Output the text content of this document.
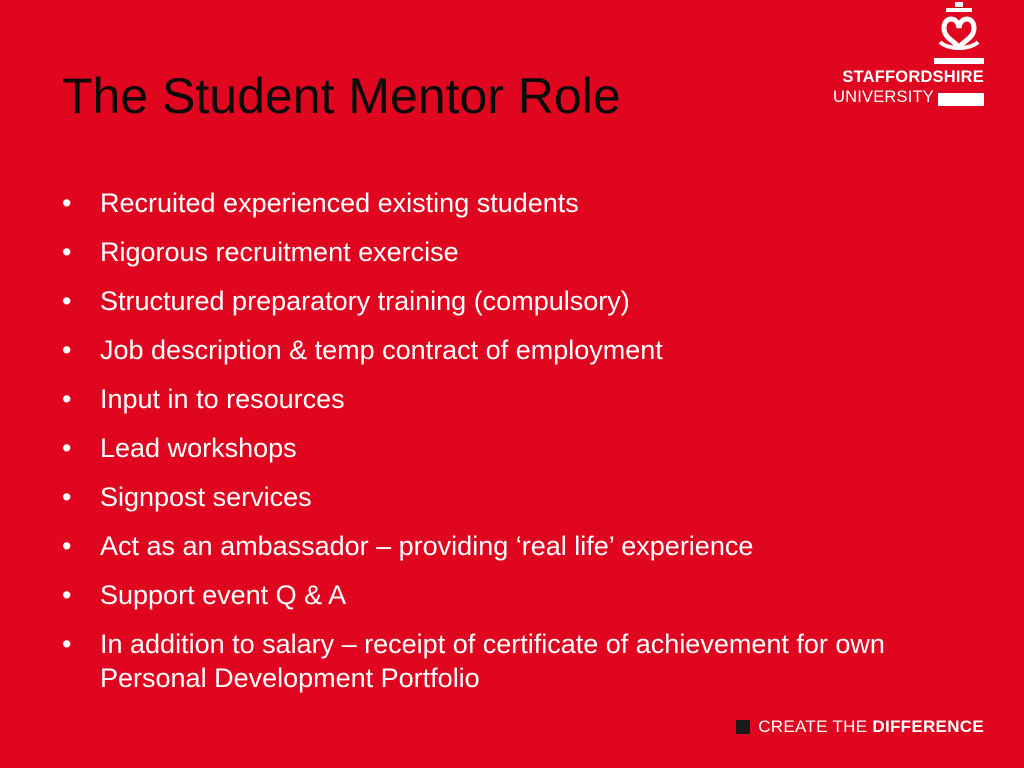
The Student Mentor Role	STAFFORDSHIRE
UNIVERSITY
•	Recruited experienced existing students
•	Rigorous recruitment exercise
•	Structured preparatory training (compulsory)
•	Job description & temp contract of employment
•	Input in to resources
•	Lead workshops
•	Signpost services
•	Act as an ambassador – providing ‘real life’ experience
•	Support event Q & A
•	In addition to salary – receipt of certificate of achievement for own Personal Development Portfolio
CREATE THE DIFFERENCE
